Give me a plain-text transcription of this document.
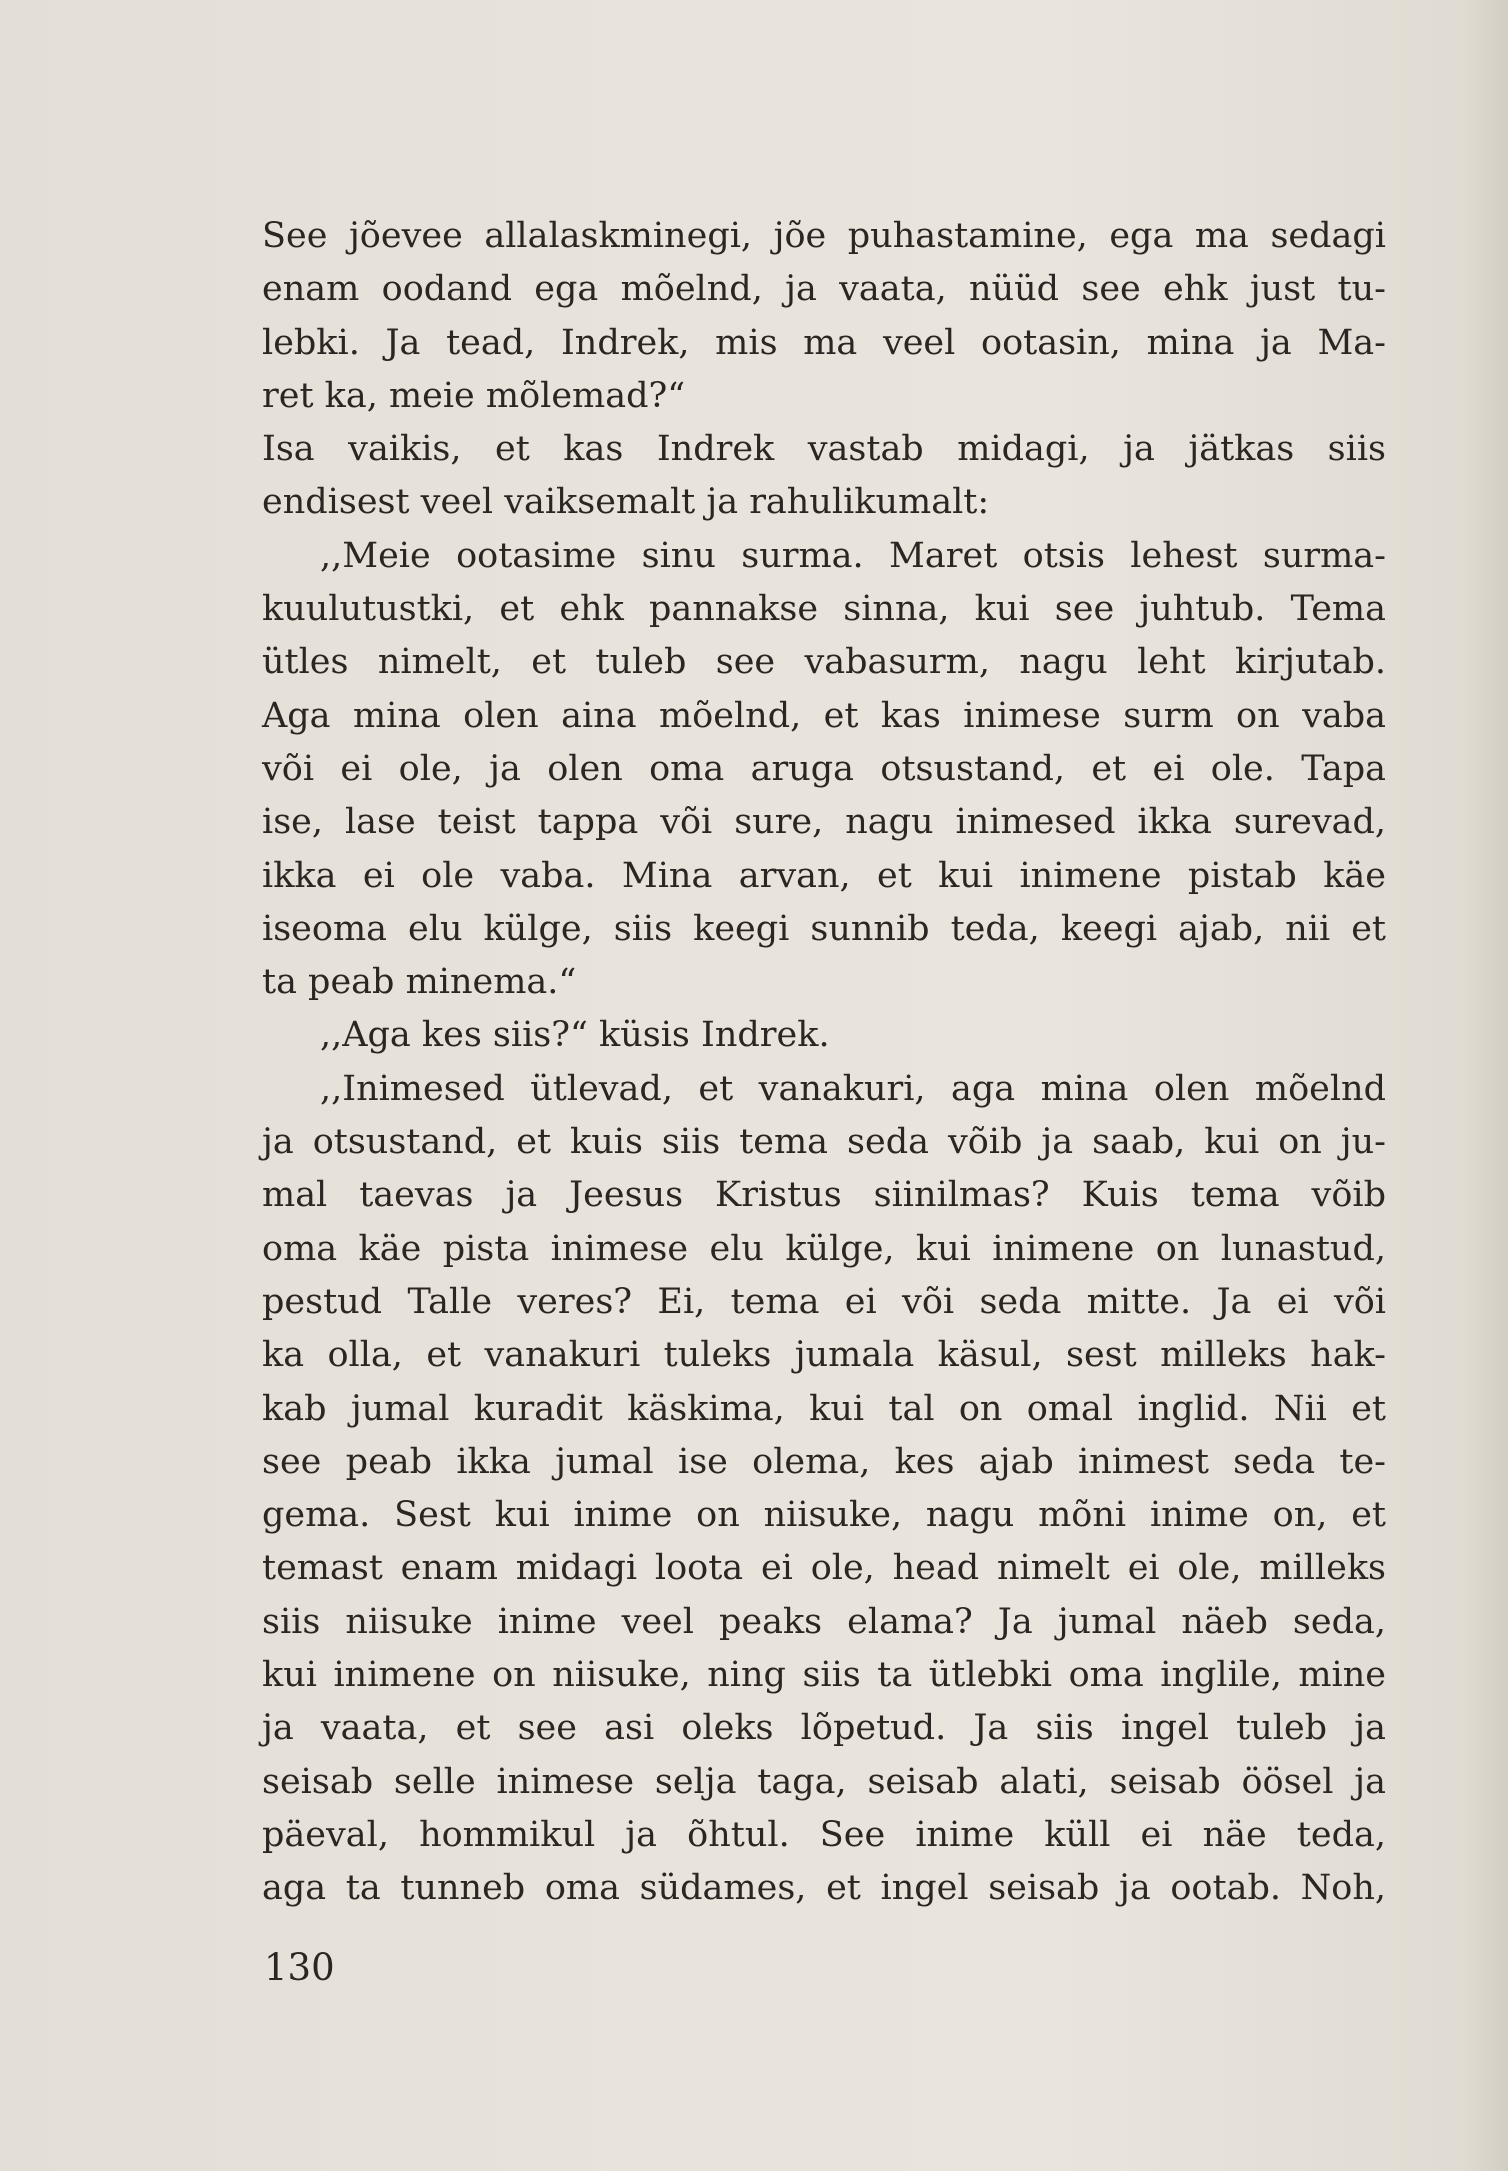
See jõevee allalaskminegi, jõe puhastamine, ega ma sedagi
enam oodand ega mõelnd, ja vaata, nüüd see ehk just tu-
lebki. Ja tead, Indrek, mis ma veel ootasin, mina ja Ma-
ret ka, meie mõlemad?“
Isa vaikis, et kas Indrek vastab midagi, ja jätkas siis
endisest veel vaiksemalt ja rahulikumalt:
,,Meie ootasime sinu surma. Maret otsis lehest surma-
kuulutustki, et ehk pannakse sinna, kui see juhtub. Tema
ütles nimelt, et tuleb see vabasurm, nagu leht kirjutab.
Aga mina olen aina mõelnd, et kas inimese surm on vaba
või ei ole, ja olen oma aruga otsustand, et ei ole. Tapa
ise, lase teist tappa või sure, nagu inimesed ikka surevad,
ikka ei ole vaba. Mina arvan, et kui inimene pistab käe
iseoma elu külge, siis keegi sunnib teda, keegi ajab, nii et
ta peab minema.“
,,Aga kes siis?“ küsis Indrek.
,,Inimesed ütlevad, et vanakuri, aga mina olen mõelnd
ja otsustand, et kuis siis tema seda võib ja saab, kui on ju-
mal taevas ja Jeesus Kristus siinilmas? Kuis tema võib
oma käe pista inimese elu külge, kui inimene on lunastud,
pestud Talle veres? Ei, tema ei või seda mitte. Ja ei või
ka olla, et vanakuri tuleks jumala käsul, sest milleks hak-
kab jumal kuradit käskima, kui tal on omal inglid. Nii et
see peab ikka jumal ise olema, kes ajab inimest seda te-
gema. Sest kui inime on niisuke, nagu mõni inime on, et
temast enam midagi loota ei ole, head nimelt ei ole, milleks
siis niisuke inime veel peaks elama? Ja jumal näeb seda,
kui inimene on niisuke, ning siis ta ütlebki oma inglile, mine
ja vaata, et see asi oleks lõpetud. Ja siis ingel tuleb ja
seisab selle inimese selja taga, seisab alati, seisab öösel ja
päeval, hommikul ja õhtul. See inime küll ei näe teda,
aga ta tunneb oma südames, et ingel seisab ja ootab. Noh,
130
